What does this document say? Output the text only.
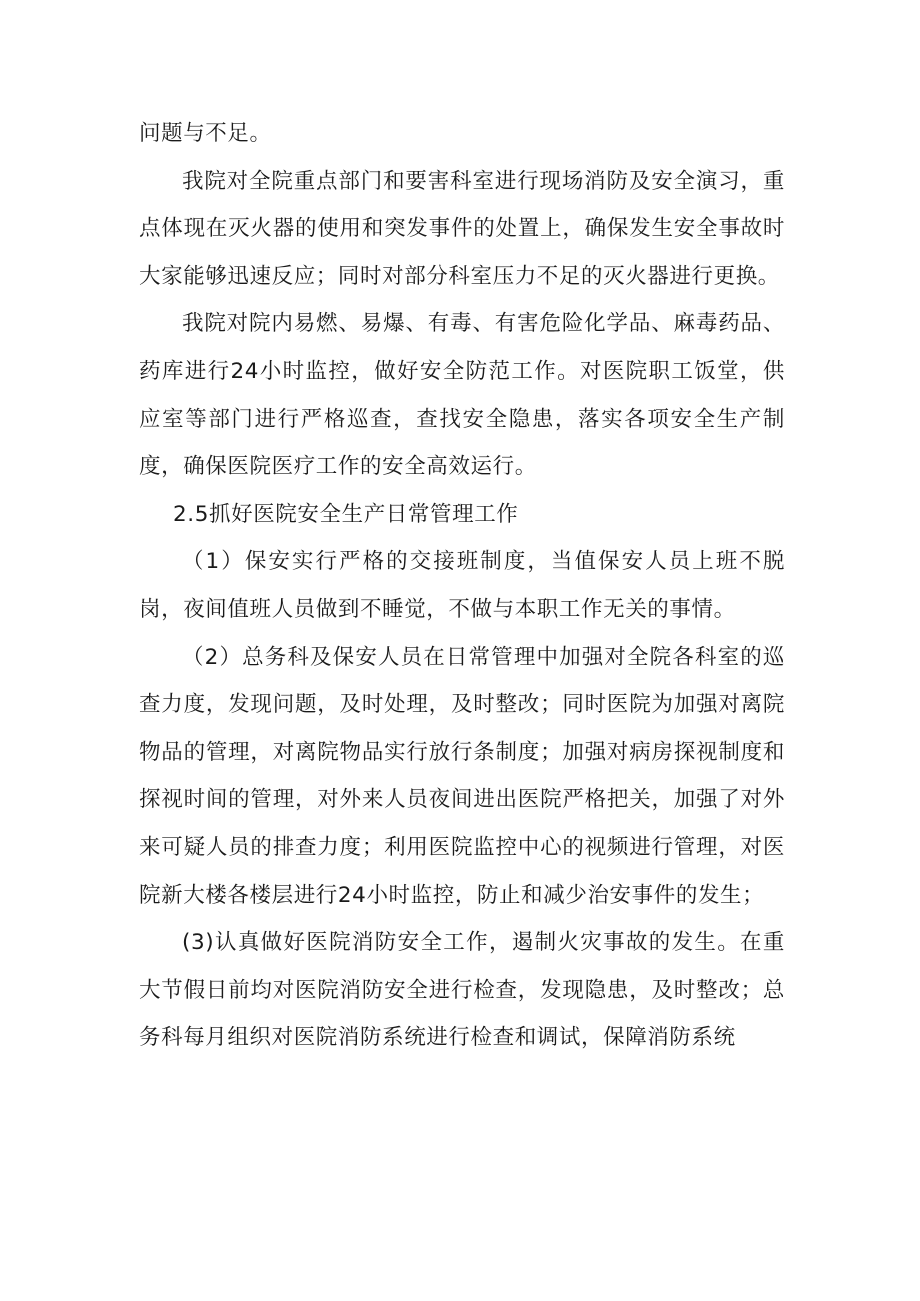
问题与不足。

我院对全院重点部门和要害科室进行现场消防及安全演习，重点体现在灭火器的使用和突发事件的处置上，确保发生安全事故时大家能够迅速反应；同时对部分科室压力不足的灭火器进行更换。

我院对院内易燃、易爆、有毒、有害危险化学品、麻毒药品、药库进行24小时监控，做好安全防范工作。对医院职工饭堂，供应室等部门进行严格巡查，查找安全隐患，落实各项安全生产制度，确保医院医疗工作的安全高效运行。

2.5抓好医院安全生产日常管理工作

（1）保安实行严格的交接班制度，当值保安人员上班不脱岗，夜间值班人员做到不睡觉，不做与本职工作无关的事情。

（2）总务科及保安人员在日常管理中加强对全院各科室的巡查力度，发现问题，及时处理，及时整改；同时医院为加强对离院物品的管理，对离院物品实行放行条制度；加强对病房探视制度和探视时间的管理，对外来人员夜间进出医院严格把关，加强了对外来可疑人员的排查力度；利用医院监控中心的视频进行管理，对医院新大楼各楼层进行24小时监控，防止和减少治安事件的发生；

(3)认真做好医院消防安全工作，遏制火灾事故的发生。在重大节假日前均对医院消防安全进行检查，发现隐患，及时整改；总务科每月组织对医院消防系统进行检查和调试，保障消防系统
